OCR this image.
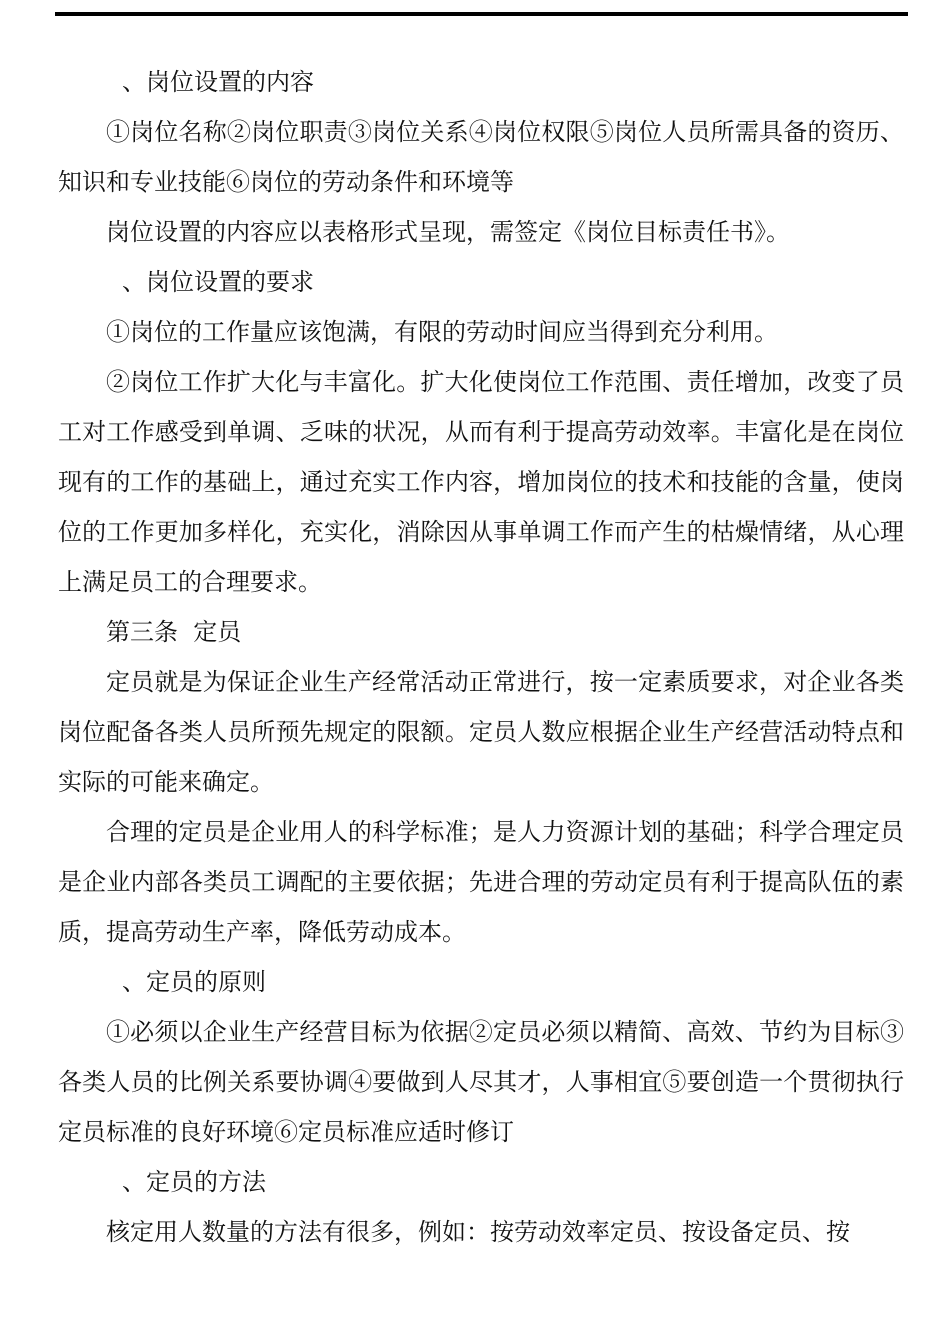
、岗位设置的内容

①岗位名称②岗位职责③岗位关系④岗位权限⑤岗位人员所需具备的资历、知识和专业技能⑥岗位的劳动条件和环境等

岗位设置的内容应以表格形式呈现，需签定《岗位目标责任书》。

、岗位设置的要求

①岗位的工作量应该饱满，有限的劳动时间应当得到充分利用。

②岗位工作扩大化与丰富化。扩大化使岗位工作范围、责任增加，改变了员工对工作感受到单调、乏味的状况，从而有利于提高劳动效率。丰富化是在岗位现有的工作的基础上，通过充实工作内容，增加岗位的技术和技能的含量，使岗位的工作更加多样化，充实化，消除因从事单调工作而产生的枯燥情绪，从心理上满足员工的合理要求。

第三条  定员

定员就是为保证企业生产经常活动正常进行，按一定素质要求，对企业各类岗位配备各类人员所预先规定的限额。定员人数应根据企业生产经营活动特点和实际的可能来确定。

合理的定员是企业用人的科学标准；是人力资源计划的基础；科学合理定员是企业内部各类员工调配的主要依据；先进合理的劳动定员有利于提高队伍的素质，提高劳动生产率，降低劳动成本。

、定员的原则

①必须以企业生产经营目标为依据②定员必须以精简、高效、节约为目标③各类人员的比例关系要协调④要做到人尽其才，人事相宜⑤要创造一个贯彻执行定员标准的良好环境⑥定员标准应适时修订

、定员的方法

核定用人数量的方法有很多，例如：按劳动效率定员、按设备定员、按
